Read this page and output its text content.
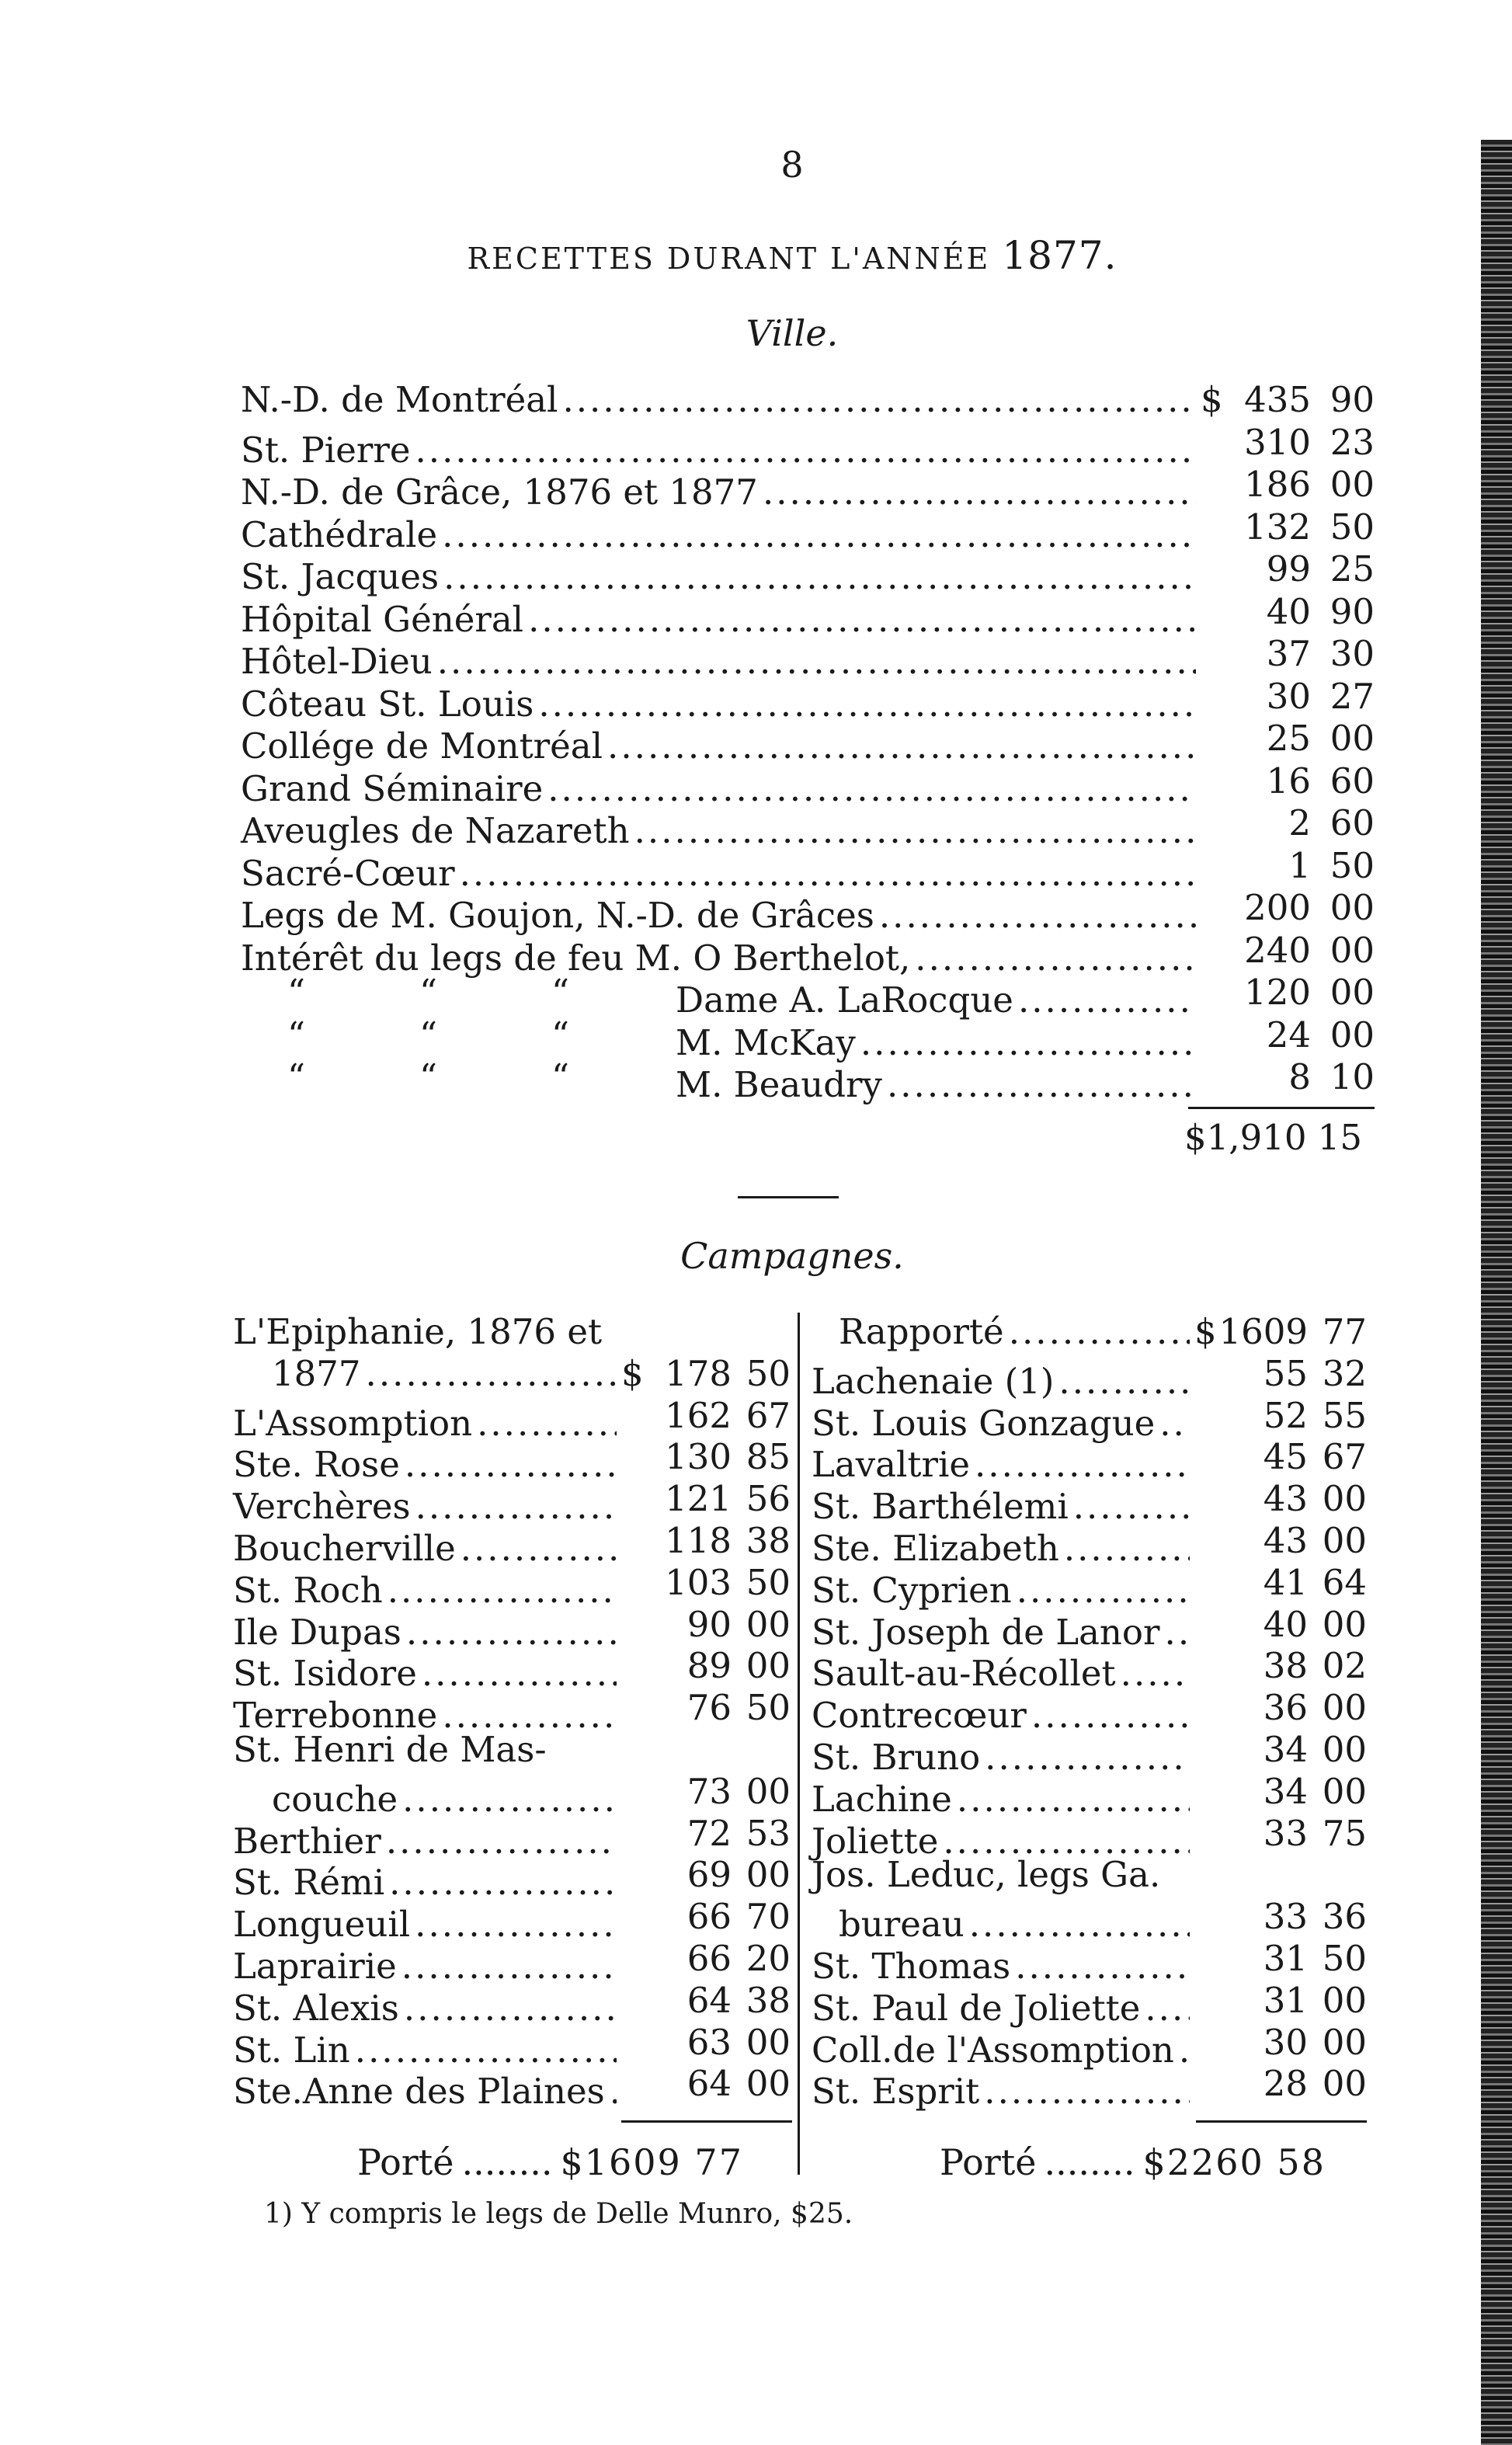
8
RECETTES DURANT L'ANNÉE 1877.
Ville.
N.-D. de Montréal .....	$ 435 90
St. Pierre .....	310 23
N.-D. de Grâce, 1876 et 1877 .....	186 00
Cathédrale .....	132 50
St. Jacques .....	99 25
Hôpital Général .....	40 90
Hôtel-Dieu .....	37 30
Côteau St. Louis .....	30 27
Collége de Montréal .....	25 00
Grand Séminaire .....	16 60
Aveugles de Nazareth .....	2 60
Sacré-Cœur .....	1 50
Legs de M. Goujon, N.-D. de Grâces .....	200 00
Intérêt du legs de feu M. O Berthelot, .....	240 00
“	“	“	Dame A. LaRocque .....	120 00
“	“	“	M. McKay .....	24 00
“	“	“	M. Beaudry .....	8 10
$1,910 15
Campagnes.
L'Epiphanie, 1876 et
1877 .....	$ 178 50
L'Assomption .....	162 67
Ste. Rose .....	130 85
Verchères .....	121 56
Boucherville .....	118 38
St. Roch .....	103 50
Ile Dupas .....	90 00
St. Isidore .....	89 00
Terrebonne .....	76 50
St. Henri de Mas-
couche .....	73 00
Berthier .....	72 53
St. Rémi .....	69 00
Longueuil .....	66 70
Laprairie .....	66 20
St. Alexis .....	64 38
St. Lin .....	63 00
Ste.Anne des Plaines .....	64 00
Rapporté .....	$ 1609 77
Lachenaie (1) .....	55 32
St. Louis Gonzague .....	52 55
Lavaltrie .....	45 67
St. Barthélemi .....	43 00
Ste. Elizabeth .....	43 00
St. Cyprien .....	41 64
St. Joseph de Lanor .....	40 00
Sault-au-Récollet .....	38 02
Contrecœur .....	36 00
St. Bruno .....	34 00
Lachine .....	34 00
Joliette .....	33 75
Jos. Leduc, legs Ga.
bureau .....	33 36
St. Thomas .....	31 50
St. Paul de Joliette .....	31 00
Coll.de l'Assomption .....	30 00
St. Esprit .....	28 00
Porté ........ $1609 77	Porté ........ $2260 58
1) Y compris le legs de Delle Munro, $25.
